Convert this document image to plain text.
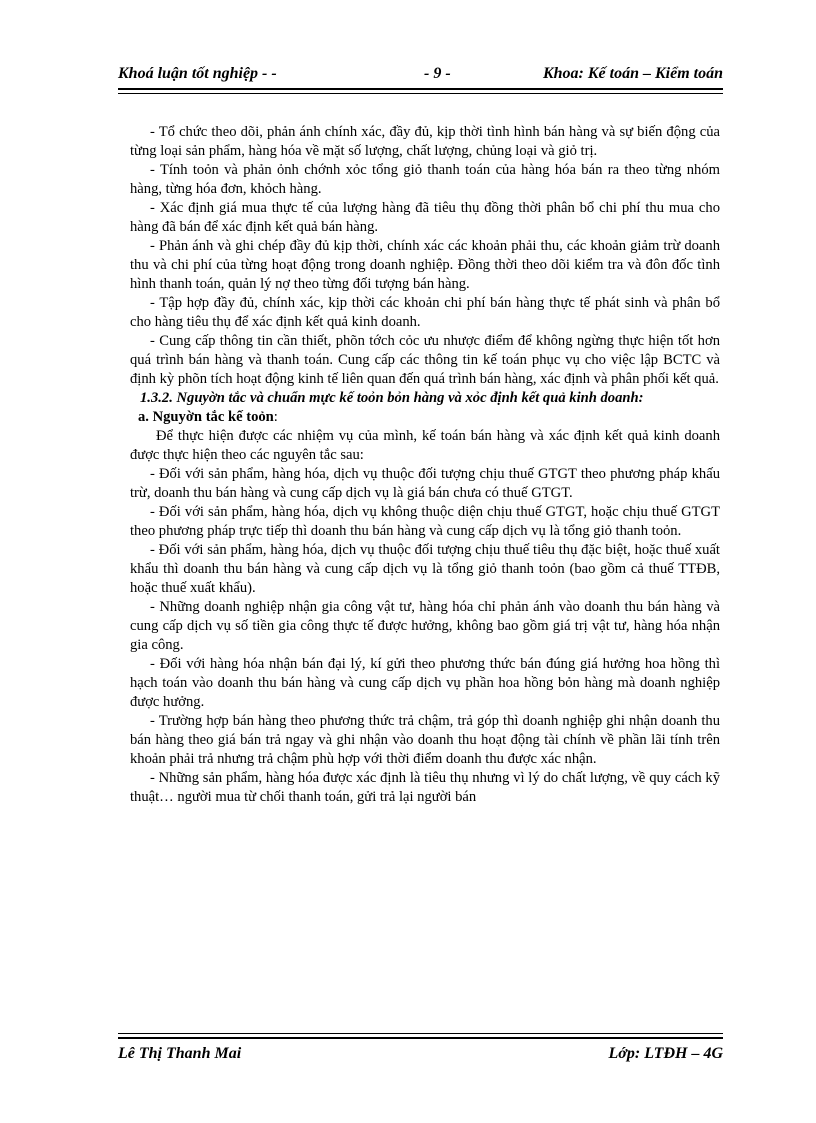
Khoá luận tốt nghiệp - -	- 9 -	Khoa: Kế toán – Kiểm toán

- Tổ chức theo dõi, phản ánh chính xác, đầy đủ, kịp thời tình hình bán hàng và sự biến động của từng loại sản phẩm, hàng hóa về mặt số lượng, chất lượng, chủng loại và giỏ trị.

- Tính toỏn và phản ỏnh chớnh xỏc tổng giỏ thanh toán của hàng hóa bán ra theo từng nhóm hàng, từng hóa đơn, khỏch hàng.

- Xác định giá mua thực tế của lượng hàng đã tiêu thụ đồng thời phân bổ chi phí thu mua cho hàng đã bán để xác định kết quả bán hàng.

- Phản ánh và ghi chép đầy đủ kịp thời, chính xác các khoản phải thu, các khoản giảm trừ doanh thu và chi phí của từng hoạt động trong doanh nghiệp. Đồng thời theo dõi kiểm tra và đôn đốc tình hình thanh toán, quản lý nợ theo từng đối tượng bán hàng.

- Tập hợp đầy đủ, chính xác, kịp thời các khoản chi phí bán hàng thực tế phát sinh và phân bổ cho hàng tiêu thụ để xác định kết quả kinh doanh.

- Cung cấp thông tin cần thiết, phõn tớch cỏc ưu nhược điểm để không ngừng thực hiện tốt hơn quá trình bán hàng và thanh toán. Cung cấp các thông tin kế toán phục vụ cho việc lập BCTC và định kỳ phõn tích hoạt động kinh tế liên quan đến quá trình bán hàng, xác định và phân phối kết quả.

1.3.2. Nguyờn tắc và chuẩn mực kế toỏn bỏn hàng và xỏc định kết quả kinh doanh:

a. Nguyờn tắc kế toỏn:

Để thực hiện được các nhiệm vụ của mình, kế toán bán hàng và xác định kết quả kinh doanh được thực hiện theo các nguyên tắc sau:

- Đối với sản phẩm, hàng hóa, dịch vụ thuộc đối tượng chịu thuế GTGT theo phương pháp khấu trừ, doanh thu bán hàng và cung cấp dịch vụ là giá bán chưa có thuế GTGT.

- Đối với sản phẩm, hàng hóa, dịch vụ không thuộc diện chịu thuế GTGT, hoặc chịu thuế GTGT theo phương pháp trực tiếp thì doanh thu bán hàng và cung cấp dịch vụ là tổng giỏ thanh toỏn.

- Đối với sản phẩm, hàng hóa, dịch vụ thuộc đối tượng chịu thuế tiêu thụ đặc biệt, hoặc thuế xuất khẩu thì doanh thu bán hàng và cung cấp dịch vụ là tổng giỏ thanh toỏn (bao gồm cả thuế TTĐB, hoặc thuế xuất khẩu).

- Những doanh nghiệp nhận gia công vật tư, hàng hóa chỉ phản ánh vào doanh thu bán hàng và cung cấp dịch vụ số tiền gia công thực tế được hưởng, không bao gồm giá trị vật tư, hàng hóa nhận gia công.

- Đối với hàng hóa nhận bán đại lý, kí gửi theo phương thức bán đúng giá hưởng hoa hồng thì hạch toán vào doanh thu bán hàng và cung cấp dịch vụ phần hoa hồng bỏn hàng mà doanh nghiệp được hưởng.

- Trường hợp bán hàng theo phương thức trả chậm, trả góp thì doanh nghiệp ghi nhận doanh thu bán hàng theo giá bán trả ngay và ghi nhận vào doanh thu hoạt động tài chính về phần lãi tính trên khoản phải trả nhưng trả chậm phù hợp với thời điểm doanh thu được xác nhận.

- Những sản phẩm, hàng hóa được xác định là tiêu thụ nhưng vì lý do chất lượng, về quy cách kỹ thuật… người mua từ chối thanh toán, gửi trả lại người bán

Lê Thị Thanh Mai	Lớp: LTĐH – 4G
